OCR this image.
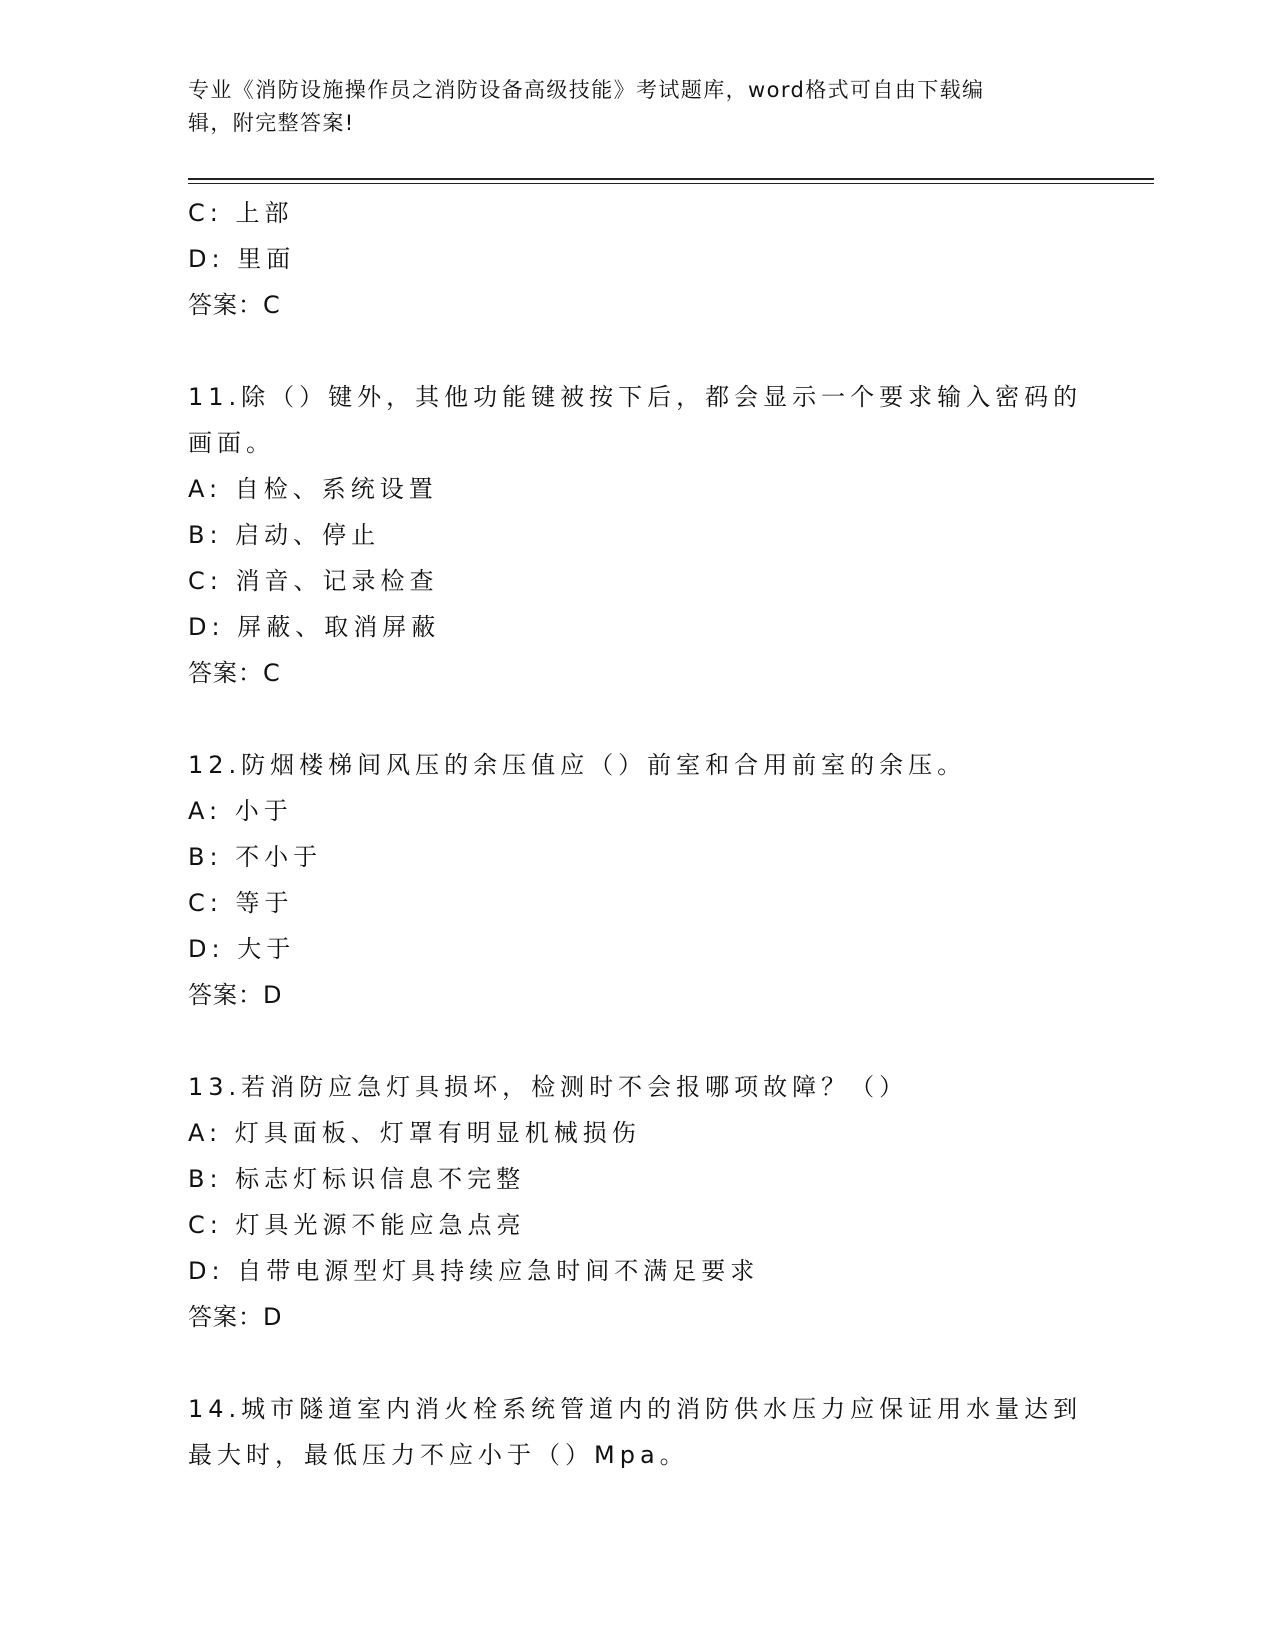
专业《消防设施操作员之消防设备高级技能》考试题库，word格式可自由下载编
辑，附完整答案!
C: 上部
D: 里面
答案：C
11.除（）键外，其他功能键被按下后，都会显示一个要求输入密码的
画面。
A: 自检、系统设置
B: 启动、停止
C: 消音、记录检查
D: 屏蔽、取消屏蔽
答案：C
12.防烟楼梯间风压的余压值应（）前室和合用前室的余压。
A: 小于
B: 不小于
C: 等于
D: 大于
答案：D
13.若消防应急灯具损坏，检测时不会报哪项故障？（）
A: 灯具面板、灯罩有明显机械损伤
B: 标志灯标识信息不完整
C: 灯具光源不能应急点亮
D: 自带电源型灯具持续应急时间不满足要求
答案：D
14.城市隧道室内消火栓系统管道内的消防供水压力应保证用水量达到
最大时，最低压力不应小于（）Mpa。
